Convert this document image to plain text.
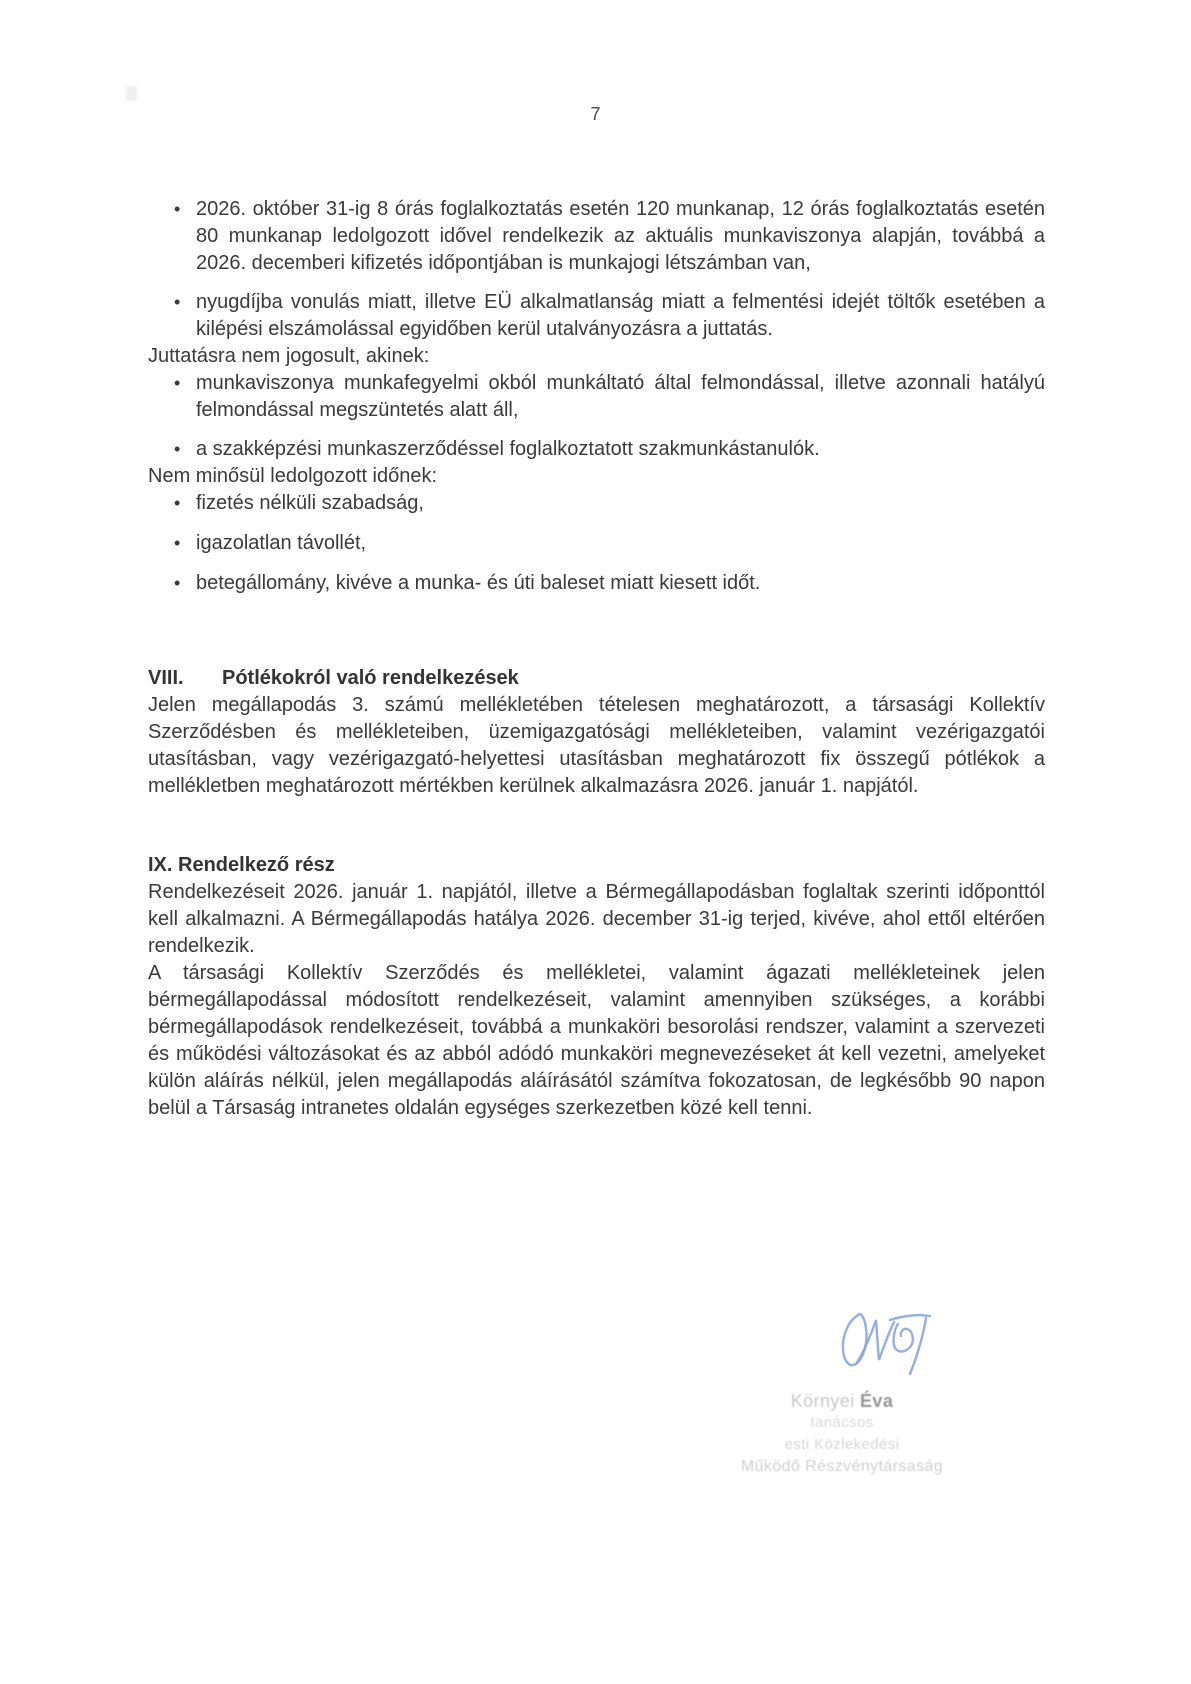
7
• 2026. október 31-ig 8 órás foglalkoztatás esetén 120 munkanap, 12 órás foglalkoztatás esetén 80 munkanap ledolgozott idővel rendelkezik az aktuális munkaviszonya alapján, továbbá a 2026. decemberi kifizetés időpontjában is munkajogi létszámban van,
• nyugdíjba vonulás miatt, illetve EÜ alkalmatlanság miatt a felmentési idejét töltők esetében a kilépési elszámolással egyidőben kerül utalványozásra a juttatás.

Juttatásra nem jogosult, akinek:

• munkaviszonya munkafegyelmi okból munkáltató által felmondással, illetve azonnali hatályú felmondással megszüntetés alatt áll,
• a szakképzési munkaszerződéssel foglalkoztatott szakmunkástanulók.

Nem minősül ledolgozott időnek:

• fizetés nélküli szabadság,
• igazolatlan távollét,
• betegállomány, kivéve a munka- és úti baleset miatt kiesett időt.
VIII.	Pótlékokról való rendelkezések

Jelen megállapodás 3. számú mellékletében tételesen meghatározott, a társasági Kollektív Szerződésben és mellékleteiben, üzemigazgatósági mellékleteiben, valamint vezérigazgatói utasításban, vagy vezérigazgató-helyettesi utasításban meghatározott fix összegű pótlékok a mellékletben meghatározott mértékben kerülnek alkalmazásra 2026. január 1. napjától.

IX. Rendelkező rész

Rendelkezéseit 2026. január 1. napjától, illetve a Bérmegállapodásban foglaltak szerinti időponttól kell alkalmazni. A Bérmegállapodás hatálya 2026. december 31-ig terjed, kivéve, ahol ettől eltérően rendelkezik.

A társasági Kollektív Szerződés és mellékletei, valamint ágazati mellékleteinek jelen bérmegállapodással módosított rendelkezéseit, valamint amennyiben szükséges, a korábbi bérmegállapodások rendelkezéseit, továbbá a munkaköri besorolási rendszer, valamint a szervezeti és működési változásokat és az abból adódó munkaköri megnevezéseket át kell vezetni, amelyeket külön aláírás nélkül, jelen megállapodás aláírásától számítva fokozatosan, de legkésőbb 90 napon belül a Társaság intranetes oldalán egységes szerkezetben közé kell tenni.

Környei Éva
tanácsos
esti Közlekedési
Működő Részvénytársaság
